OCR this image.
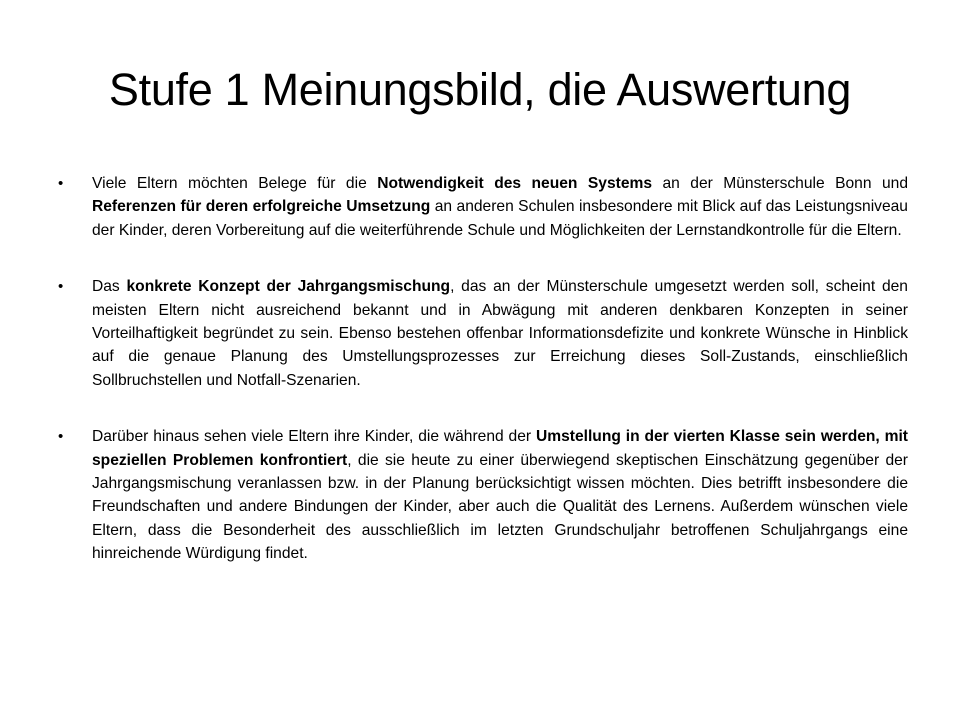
Stufe 1 Meinungsbild, die Auswertung
•	Viele Eltern möchten Belege für die Notwendigkeit des neuen Systems an der Münsterschule Bonn und Referenzen für deren erfolgreiche Umsetzung an anderen Schulen insbesondere mit Blick auf das Leistungsniveau der Kinder, deren Vorbereitung auf die weiterführende Schule und Möglichkeiten der Lernstandkontrolle für die Eltern.
•	Das konkrete Konzept der Jahrgangsmischung, das an der Münsterschule umgesetzt werden soll, scheint den meisten Eltern nicht ausreichend bekannt und in Abwägung mit anderen denkbaren Konzepten in seiner Vorteilhaftigkeit begründet zu sein. Ebenso bestehen offenbar Informationsdefizite und konkrete Wünsche in Hinblick auf die genaue Planung des Umstellungsprozesses zur Erreichung dieses Soll-Zustands, einschließlich Sollbruchstellen und Notfall-Szenarien.
•	Darüber hinaus sehen viele Eltern ihre Kinder, die während der Umstellung in der vierten Klasse sein werden, mit speziellen Problemen konfrontiert, die sie heute zu einer überwiegend skeptischen Einschätzung gegenüber der Jahrgangsmischung veranlassen bzw. in der Planung berücksichtigt wissen möchten. Dies betrifft insbesondere die Freundschaften und andere Bindungen der Kinder, aber auch die Qualität des Lernens. Außerdem wünschen viele Eltern, dass die Besonderheit des ausschließlich im letzten Grundschuljahr betroffenen Schuljahrgangs eine hinreichende Würdigung findet.
